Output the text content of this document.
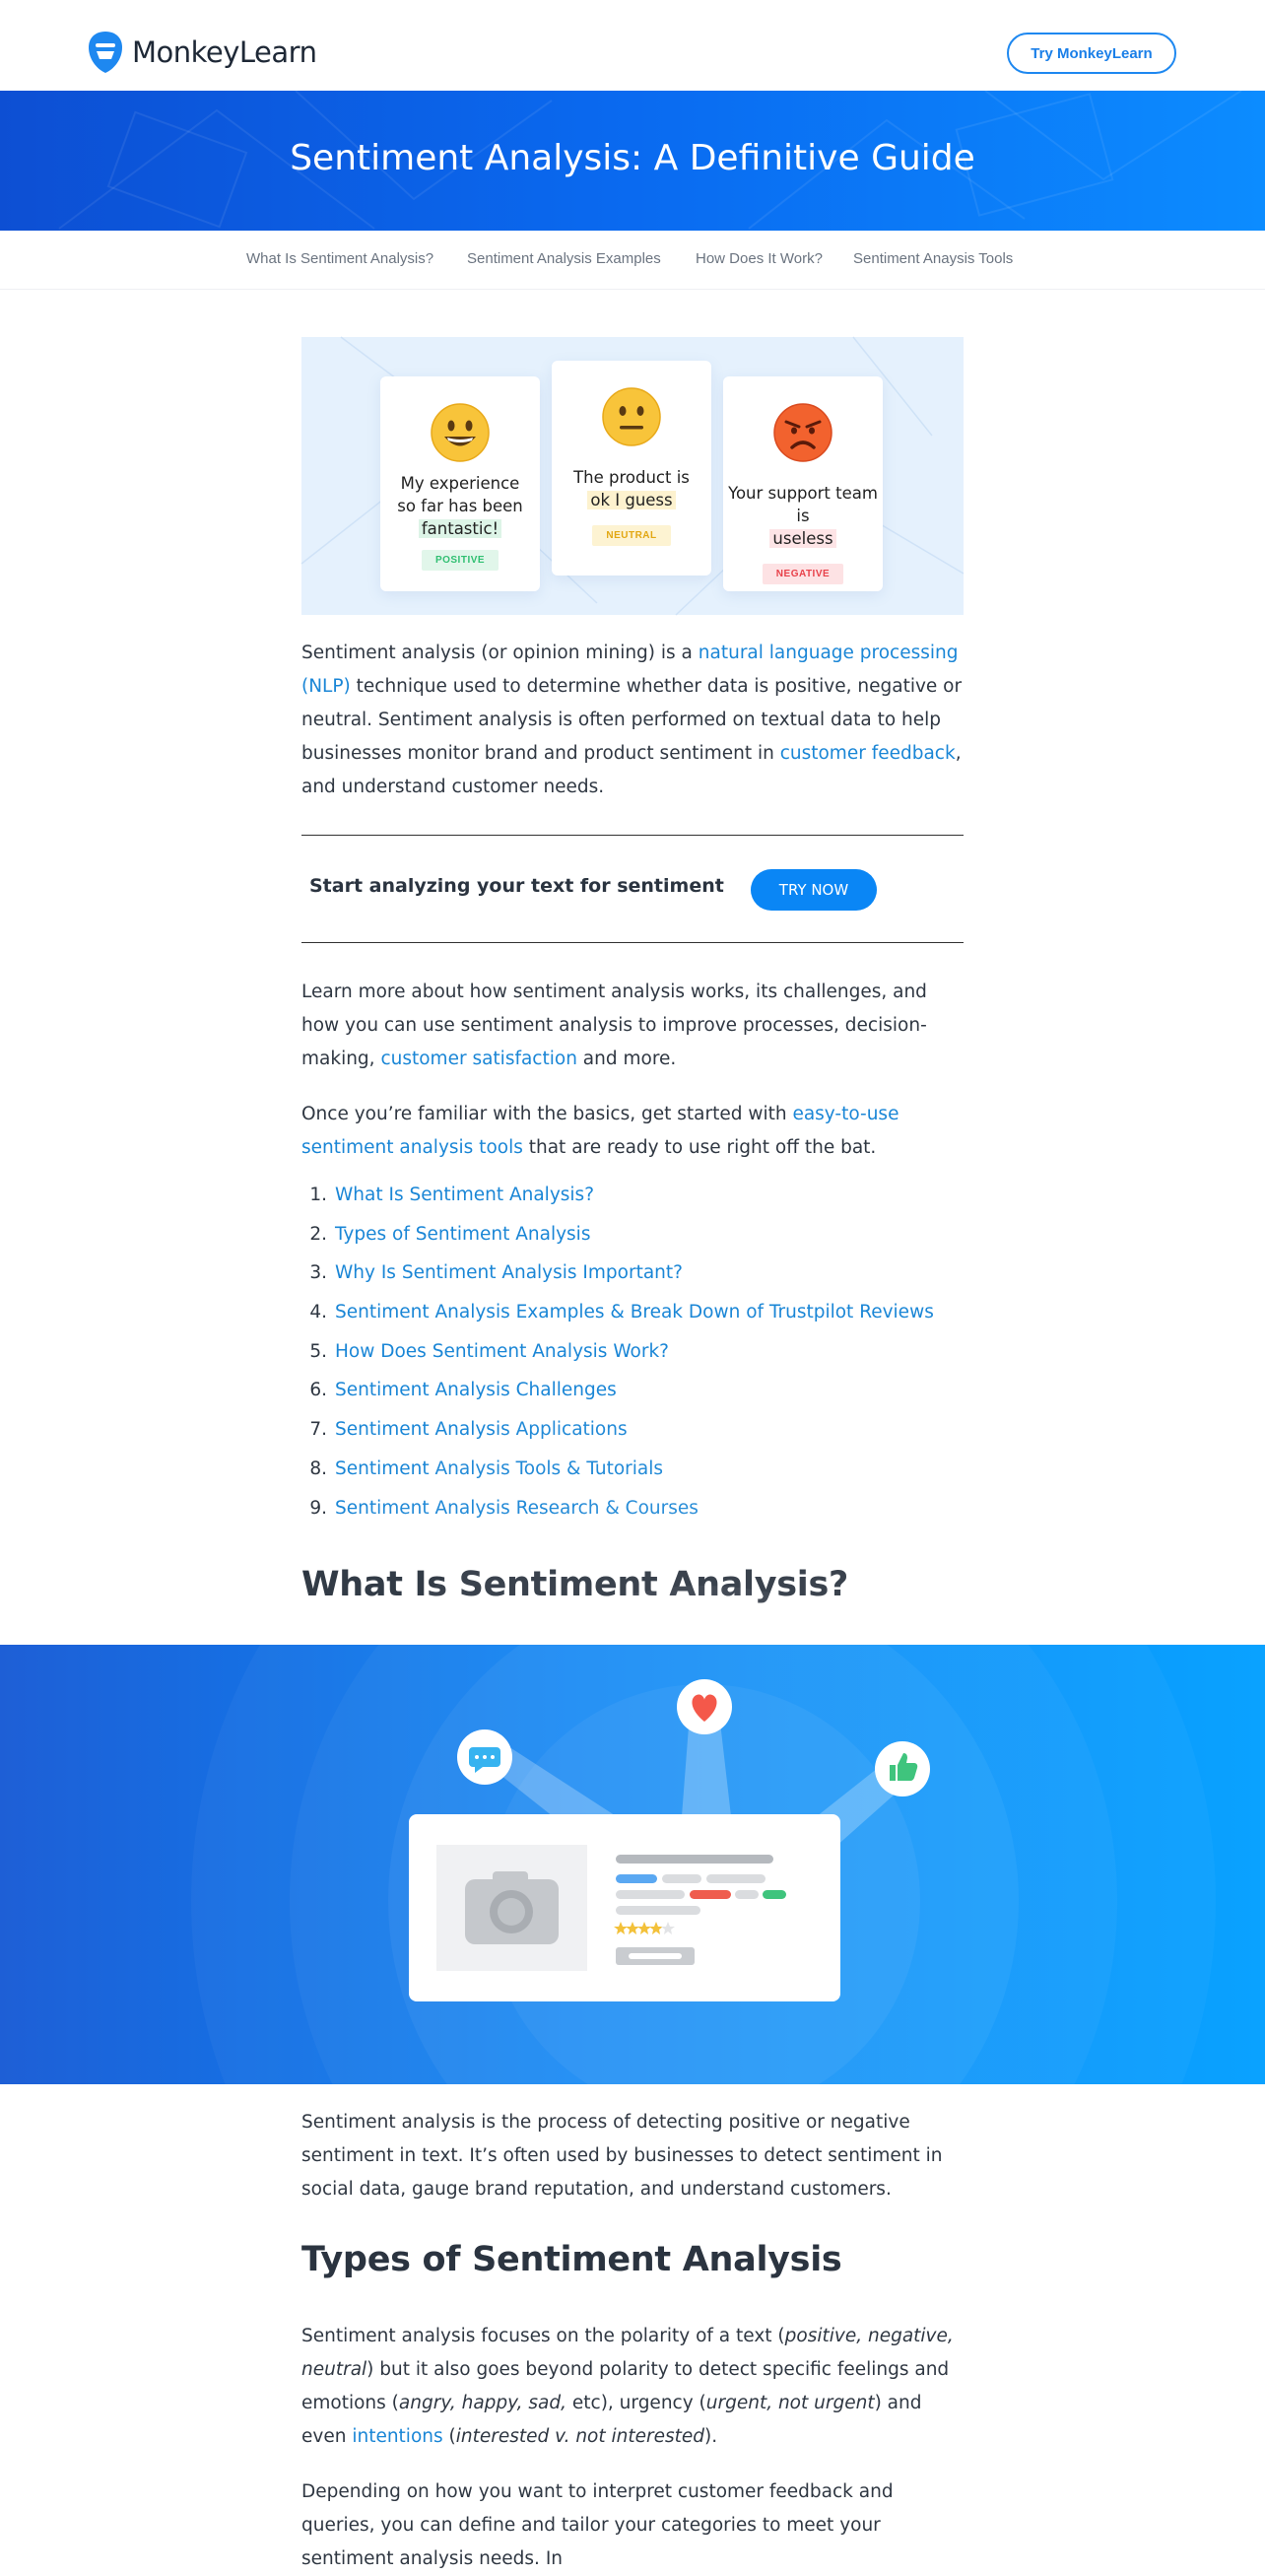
MonkeyLearn	Try MonkeyLearn
Sentiment Analysis: A Definitive Guide
What Is Sentiment Analysis? Sentiment Analysis Examples How Does It Work? Sentiment Anaysis Tools
My experience
so far has been
fantastic!
POSITIVE
The product is
ok I guess
NEUTRAL
Your support team is
useless
NEGATIVE
Sentiment analysis (or opinion mining) is a natural language processing (NLP) technique used to determine whether data is positive, negative or neutral. Sentiment analysis is often performed on textual data to help businesses monitor brand and product sentiment in customer feedback, and understand customer needs.
Start analyzing your text for sentiment	TRY NOW
Learn more about how sentiment analysis works, its challenges, and how you can use sentiment analysis to improve processes, decision-making, customer satisfaction and more.
Once you’re familiar with the basics, get started with easy-to-use sentiment analysis tools that are ready to use right off the bat.
1. What Is Sentiment Analysis?
2. Types of Sentiment Analysis
3. Why Is Sentiment Analysis Important?
4. Sentiment Analysis Examples & Break Down of Trustpilot Reviews
5. How Does Sentiment Analysis Work?
6. Sentiment Analysis Challenges
7. Sentiment Analysis Applications
8. Sentiment Analysis Tools & Tutorials
9. Sentiment Analysis Research & Courses
What Is Sentiment Analysis?
Sentiment analysis is the process of detecting positive or negative sentiment in text. It’s often used by businesses to detect sentiment in social data, gauge brand reputation, and understand customers.
Types of Sentiment Analysis
Sentiment analysis focuses on the polarity of a text (positive, negative, neutral) but it also goes beyond polarity to detect specific feelings and emotions (angry, happy, sad, etc), urgency (urgent, not urgent) and even intentions (interested v. not interested).
Depending on how you want to interpret customer feedback and queries, you can define and tailor your categories to meet your sentiment analysis needs. In
